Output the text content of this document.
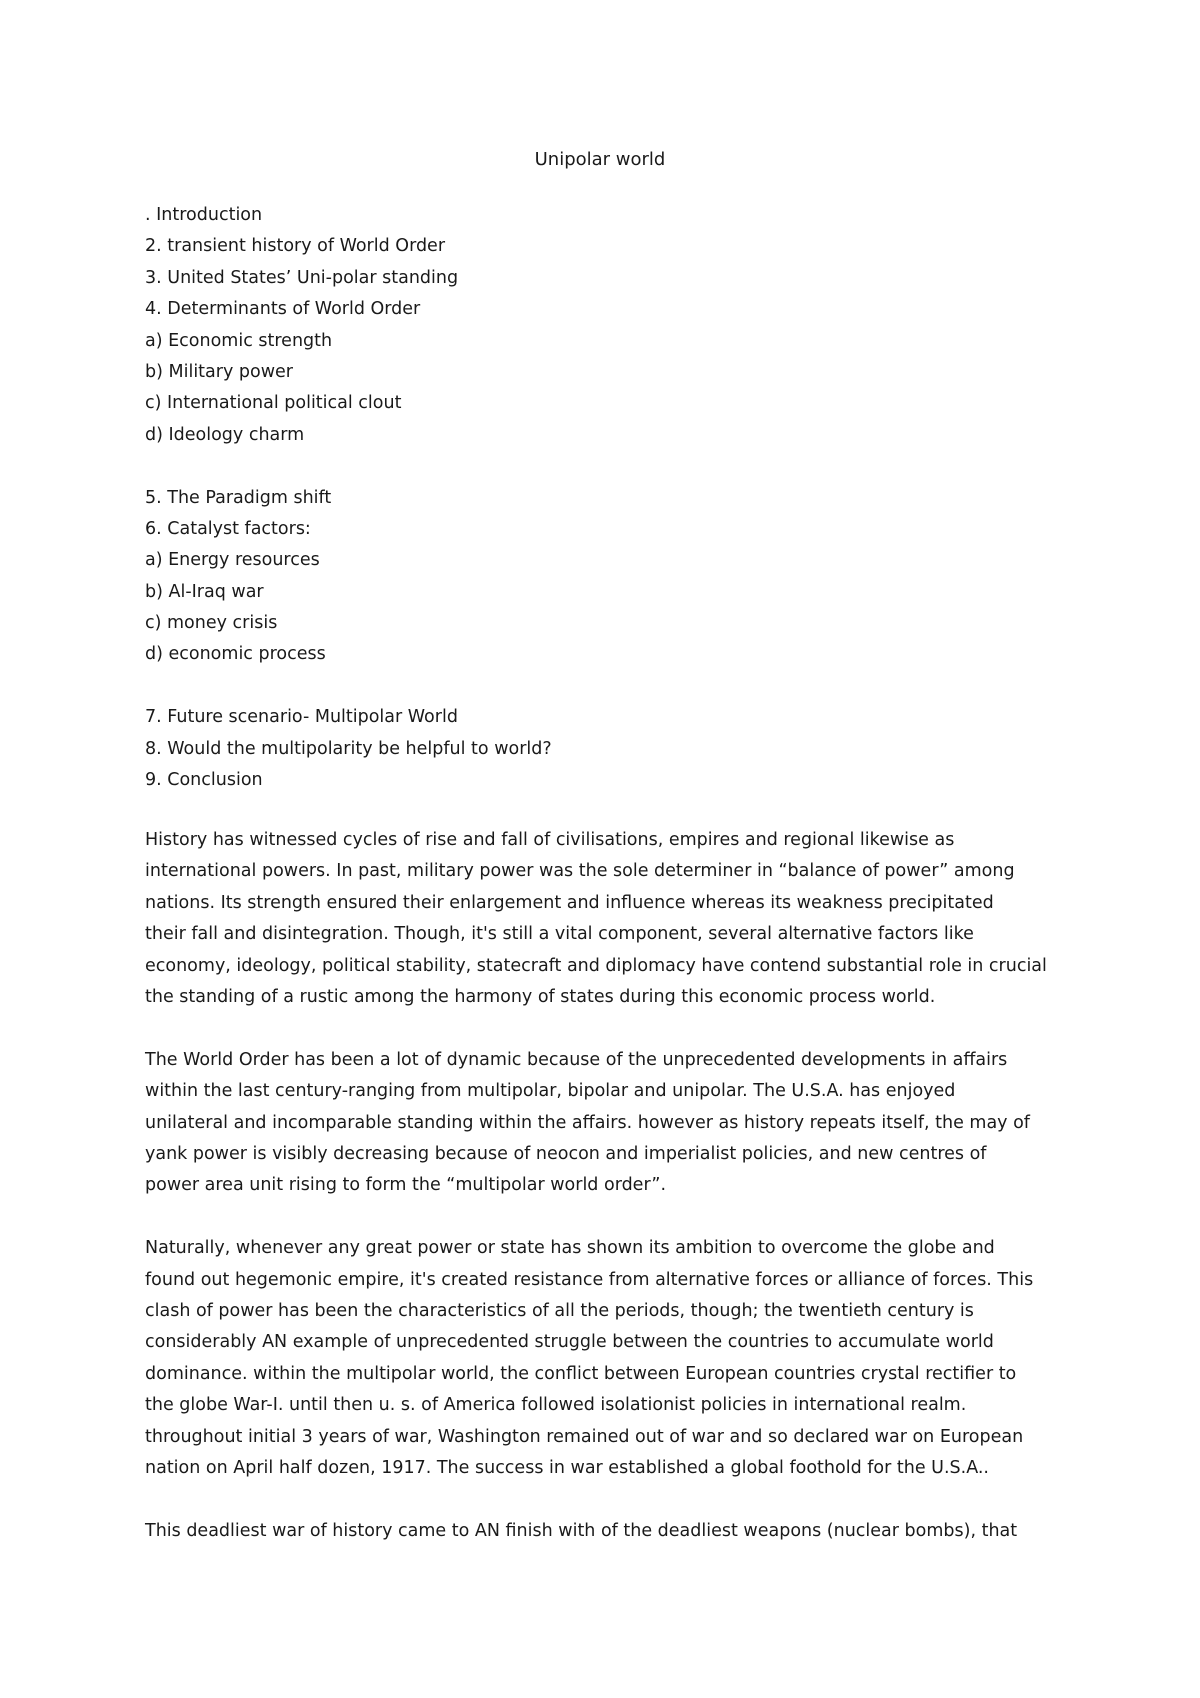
Unipolar world
. Introduction
2. transient history of World Order
3. United States’ Uni-polar standing
4. Determinants of World Order
a) Economic strength
b) Military power
c) International political clout
d) Ideology charm
5. The Paradigm shift
6. Catalyst factors:
a) Energy resources
b) Al-Iraq war
c) money crisis
d) economic process
7. Future scenario- Multipolar World
8. Would the multipolarity be helpful to world?
9. Conclusion

History has witnessed cycles of rise and fall of civilisations, empires and regional likewise as
international powers. In past, military power was the sole determiner in “balance of power” among
nations. Its strength ensured their enlargement and influence whereas its weakness precipitated
their fall and disintegration. Though, it's still a vital component, several alternative factors like
economy, ideology, political stability, statecraft and diplomacy have contend substantial role in crucial
the standing of a rustic among the harmony of states during this economic process world.

The World Order has been a lot of dynamic because of the unprecedented developments in affairs
within the last century-ranging from multipolar, bipolar and unipolar. The U.S.A. has enjoyed
unilateral and incomparable standing within the affairs. however as history repeats itself, the may of
yank power is visibly decreasing because of neocon and imperialist policies, and new centres of
power area unit rising to form the “multipolar world order”.

Naturally, whenever any great power or state has shown its ambition to overcome the globe and
found out hegemonic empire, it's created resistance from alternative forces or alliance of forces. This
clash of power has been the characteristics of all the periods, though; the twentieth century is
considerably AN example of unprecedented struggle between the countries to accumulate world
dominance. within the multipolar world, the conflict between European countries crystal rectifier to
the globe War-I. until then u. s. of America followed isolationist policies in international realm.
throughout initial 3 years of war, Washington remained out of war and so declared war on European
nation on April half dozen, 1917. The success in war established a global foothold for the U.S.A..

This deadliest war of history came to AN finish with of the deadliest weapons (nuclear bombs), that
